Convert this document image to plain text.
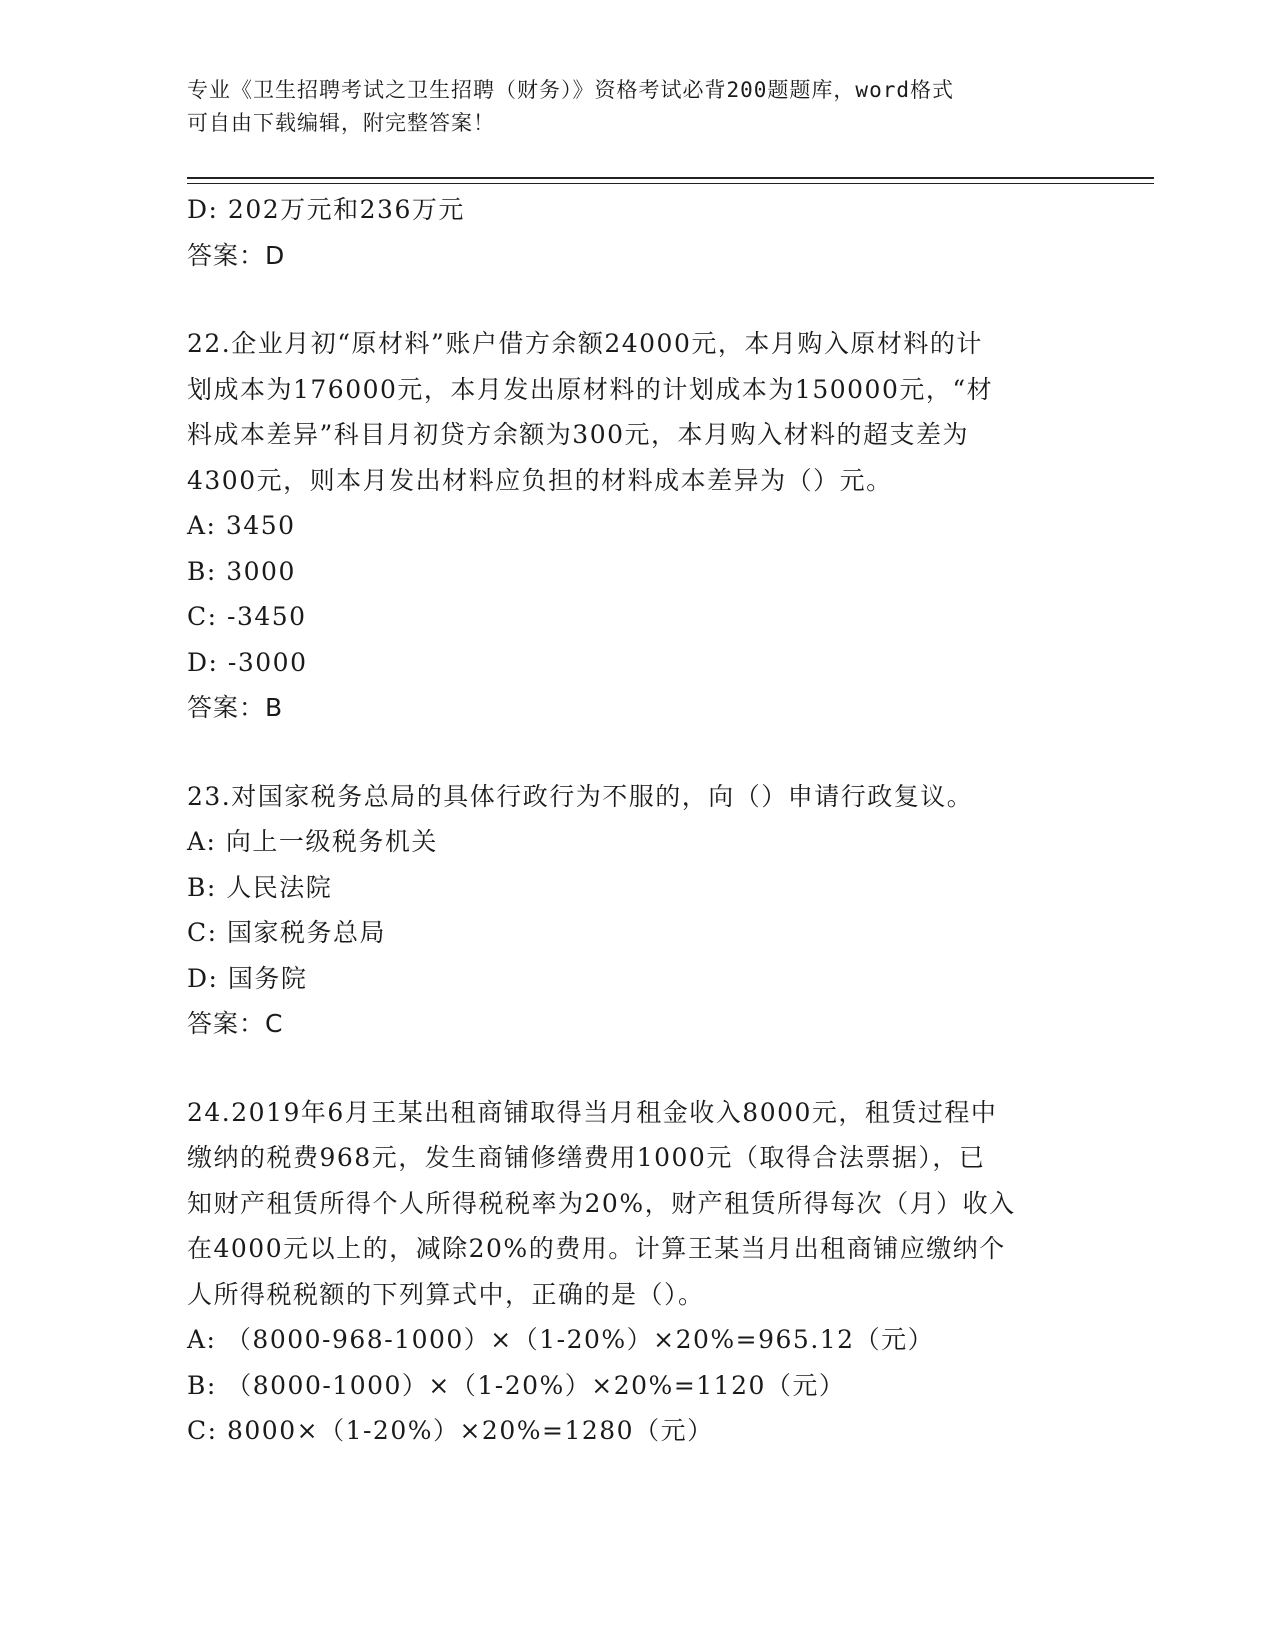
专业《卫生招聘考试之卫生招聘（财务）》资格考试必背200题题库，word格式
可自由下载编辑，附完整答案！
D: 202万元和236万元
答案：D
22.企业月初“原材料”账户借方余额24000元，本月购入原材料的计
划成本为176000元，本月发出原材料的计划成本为150000元，“材
料成本差异”科目月初贷方余额为300元，本月购入材料的超支差为
4300元，则本月发出材料应负担的材料成本差异为（）元。
A: 3450
B: 3000
C: -3450
D: -3000
答案：B
23.对国家税务总局的具体行政行为不服的，向（）申请行政复议。
A: 向上一级税务机关
B: 人民法院
C: 国家税务总局
D: 国务院
答案：C
24.2019年6月王某出租商铺取得当月租金收入8000元，租赁过程中
缴纳的税费968元，发生商铺修缮费用1000元（取得合法票据），已
知财产租赁所得个人所得税税率为20%，财产租赁所得每次（月）收入
在4000元以上的，减除20%的费用。计算王某当月出租商铺应缴纳个
人所得税税额的下列算式中，正确的是（）。
A: （8000-968-1000）×（1-20%）×20%=965.12（元）
B: （8000-1000）×（1-20%）×20%=1120（元）
C: 8000×（1-20%）×20%=1280（元）
